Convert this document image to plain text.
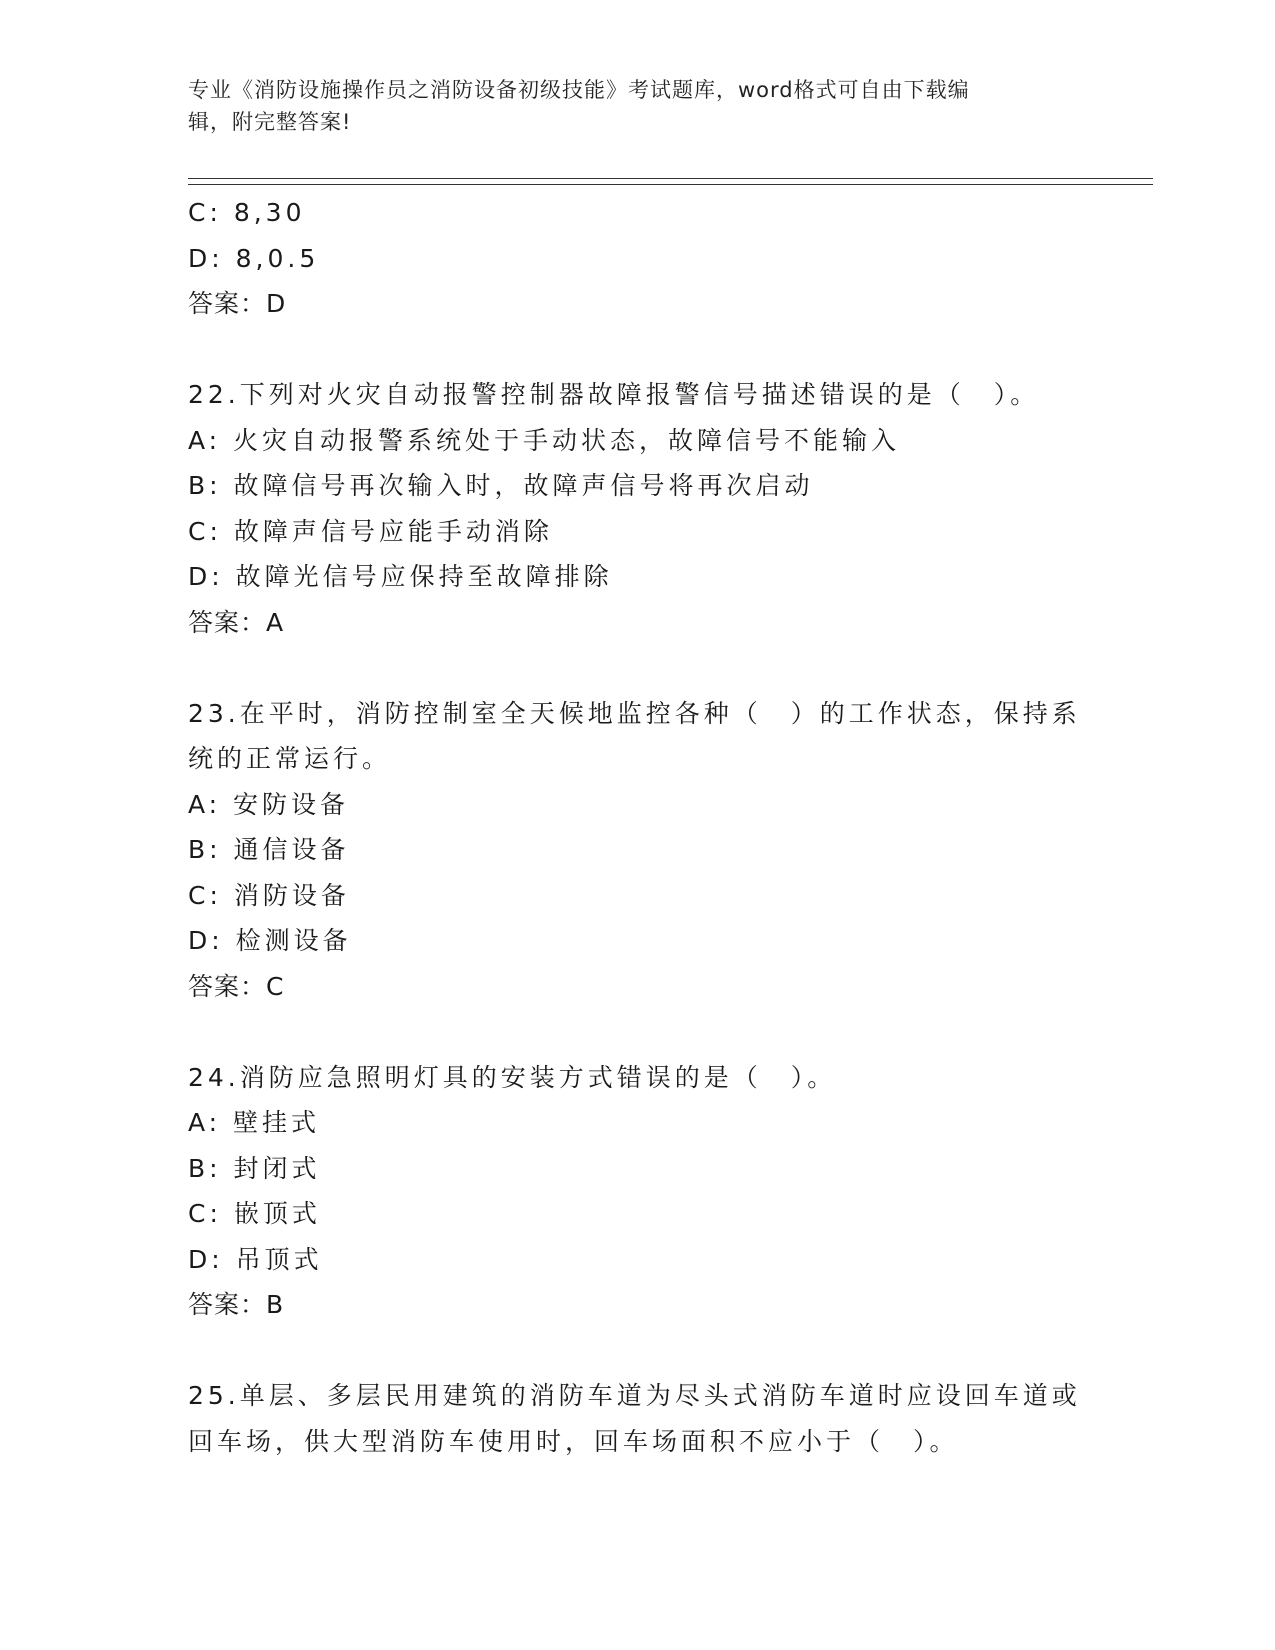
专业《消防设施操作员之消防设备初级技能》考试题库，word格式可自由下载编
辑，附完整答案!
C: 8,30
D: 8,0.5
答案：D
22.下列对火灾自动报警控制器故障报警信号描述错误的是（　）。
A: 火灾自动报警系统处于手动状态，故障信号不能输入
B: 故障信号再次输入时，故障声信号将再次启动
C: 故障声信号应能手动消除
D: 故障光信号应保持至故障排除
答案：A
23.在平时，消防控制室全天候地监控各种（　）的工作状态，保持系
统的正常运行。
A: 安防设备
B: 通信设备
C: 消防设备
D: 检测设备
答案：C
24.消防应急照明灯具的安装方式错误的是（　）。
A: 壁挂式
B: 封闭式
C: 嵌顶式
D: 吊顶式
答案：B
25.单层、多层民用建筑的消防车道为尽头式消防车道时应设回车道或
回车场，供大型消防车使用时，回车场面积不应小于（　）。
